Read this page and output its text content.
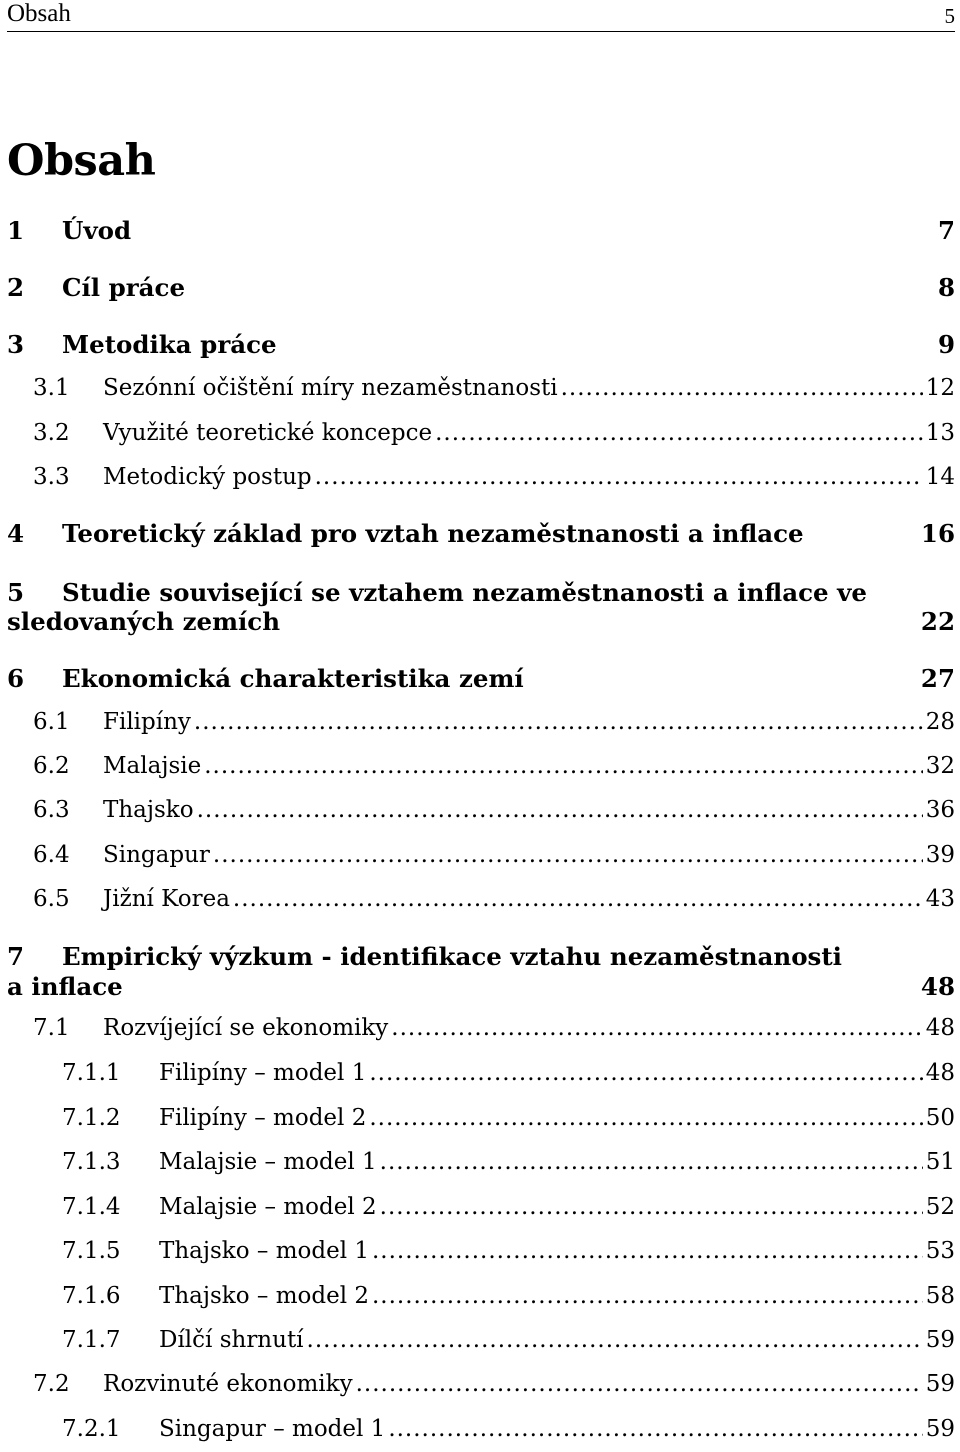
Obsah	5
Obsah
1	Úvod	7
2	Cíl práce	8
3	Metodika práce	9
3.1	Sezónní očištění míry nezaměstnanosti .....	12
3.2	Využité teoretické koncepce .....	13
3.3	Metodický postup .....	14
4	Teoretický základ pro vztah nezaměstnanosti a inflace	16
5 Studie související se vztahem nezaměstnanosti a inflace ve
sledovaných zemích	22
6	Ekonomická charakteristika zemí	27
6.1	Filipíny .....	28
6.2	Malajsie .....	32
6.3	Thajsko .....	36
6.4	Singapur .....	39
6.5	Jižní Korea .....	43
7 Empirický výzkum - identifikace vztahu nezaměstnanosti
a inflace	48
7.1	Rozvíjející se ekonomiky .....	48
7.1.1	Filipíny – model 1 .....	48
7.1.2	Filipíny – model 2 .....	50
7.1.3	Malajsie – model 1 .....	51
7.1.4	Malajsie – model 2 .....	52
7.1.5	Thajsko – model 1 .....	53
7.1.6	Thajsko – model 2 .....	58
7.1.7	Dílčí shrnutí .....	59
7.2	Rozvinuté ekonomiky .....	59
7.2.1	Singapur – model 1 .....	59
